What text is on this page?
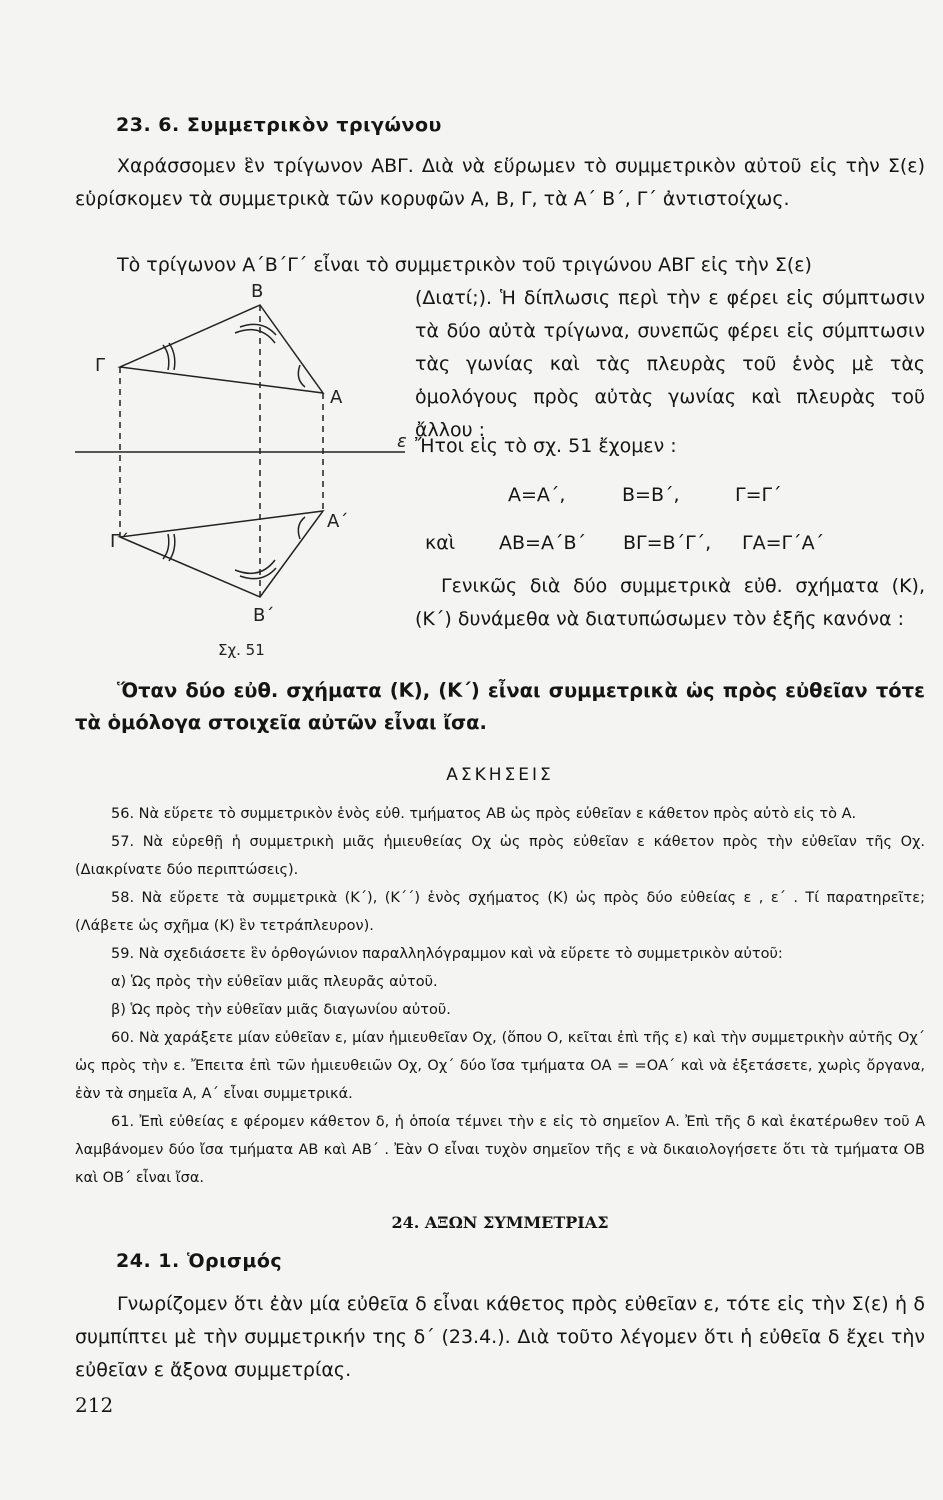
23. 6. Συμμετρικὸν τριγώνου
Χαράσσομεν ἓν τρίγωνον ΑΒΓ. Διὰ νὰ εὕρωμεν τὸ συμμετρικὸν αὐτοῦ εἰς τὴν Σ(ε) εὑρίσκομεν τὰ συμμετρικὰ τῶν κορυφῶν Α, Β, Γ, τὰ Α΄ Β΄, Γ΄ ἀντιστοίχως.
Τὸ τρίγωνον Α΄Β΄Γ΄ εἶναι τὸ συμμετρικὸν τοῦ τριγώνου ΑΒΓ εἰς τὴν Σ(ε)
(Διατί;). Ἡ δίπλωσις περὶ τὴν ε φέρει εἰς σύμπτωσιν τὰ δύο αὐτὰ τρίγωνα, συνεπῶς φέρει εἰς σύμπτωσιν τὰς γωνίας καὶ τὰς πλευρὰς τοῦ ἑνὸς μὲ τὰς ὁμολόγους πρὸς αὐτὰς γωνίας καὶ πλευρὰς τοῦ ἄλλου :
Ἤτοι εἰς τὸ σχ. 51 ἔχομεν :
Α=Α΄,	Β=Β΄,	Γ=Γ΄
καὶ ΑΒ=Α΄Β΄ ΒΓ=Β΄Γ΄, ΓΑ=Γ΄Α΄
Γενικῶς διὰ δύο συμμετρικὰ εὐθ. σχήματα (Κ), (Κ΄) δυνάμεθα νὰ διατυπώσωμεν τὸν ἑξῆς κανόνα :
Β
Γ
Α
ε
Α΄
Γ΄
Β΄
Σχ. 51
Ὅταν δύο εὐθ. σχήματα (Κ), (Κ΄) εἶναι συμμετρικὰ ὡς πρὸς εὐθεῖαν τότε τὰ ὁμόλογα στοιχεῖα αὐτῶν εἶναι ἴσα.
ΑΣΚΗΣΕΙΣ

56. Νὰ εὕρετε τὸ συμμετρικὸν ἑνὸς εὐθ. τμήματος ΑΒ ὡς πρὸς εὐθεῖαν ε κάθετον πρὸς αὐτὸ εἰς τὸ Α.

57. Νὰ εὑρεθῇ ἡ συμμετρικὴ μιᾶς ἡμιευθείας Οχ ὡς πρὸς εὐθεῖαν ε κάθετον πρὸς τὴν εὐθεῖαν τῆς Οχ. (Διακρίνατε δύο περιπτώσεις).

58. Νὰ εὕρετε τὰ συμμετρικὰ (Κ΄), (Κ΄΄) ἑνὸς σχήματος (Κ) ὡς πρὸς δύο εὐθείας ε , ε΄ . Τί παρατηρεῖτε; (Λάβετε ὡς σχῆμα (Κ) ἓν τετράπλευρον).

59. Νὰ σχεδιάσετε ἓν ὀρθογώνιον παραλληλόγραμμον καὶ νὰ εὕρετε τὸ συμμετρικὸν αὐτοῦ:

α) Ὡς πρὸς τὴν εὐθεῖαν μιᾶς πλευρᾶς αὐτοῦ.

β) Ὡς πρὸς τὴν εὐθεῖαν μιᾶς διαγωνίου αὐτοῦ.

60. Νὰ χαράξετε μίαν εὐθεῖαν ε, μίαν ἡμιευθεῖαν Οχ, (ὅπου Ο, κεῖται ἐπὶ τῆς ε) καὶ τὴν συμμετρικὴν αὐτῆς Οχ΄ ὡς πρὸς τὴν ε. Ἔπειτα ἐπὶ τῶν ἡμιευθειῶν Οχ, Οχ΄ δύο ἴσα τμήματα ΟΑ = =ΟΑ΄ καὶ νὰ ἐξετάσετε, χωρὶς ὄργανα, ἐὰν τὰ σημεῖα Α, Α΄ εἶναι συμμετρικά.

61. Ἐπὶ εὐθείας ε φέρομεν κάθετον δ, ἡ ὁποία τέμνει τὴν ε εἰς τὸ σημεῖον Α. Ἐπὶ τῆς δ καὶ ἑκατέρωθεν τοῦ Α λαμβάνομεν δύο ἴσα τμήματα ΑΒ καὶ ΑΒ΄ . Ἐὰν Ο εἶναι τυχὸν σημεῖον τῆς ε νὰ δικαιολογήσετε ὅτι τὰ τμήματα ΟΒ καὶ ΟΒ΄ εἶναι ἴσα.

24. ΑΞΩΝ ΣΥΜΜΕΤΡΙΑΣ
24. 1. Ὁρισμός
Γνωρίζομεν ὅτι ἐὰν μία εὐθεῖα δ εἶναι κάθετος πρὸς εὐθεῖαν ε, τότε εἰς τὴν Σ(ε) ἡ δ συμπίπτει μὲ τὴν συμμετρικήν της δ΄ (23.4.). Διὰ τοῦτο λέγομεν ὅτι ἡ εὐθεῖα δ ἔχει τὴν εὐθεῖαν ε ἄξονα συμμετρίας.
212
